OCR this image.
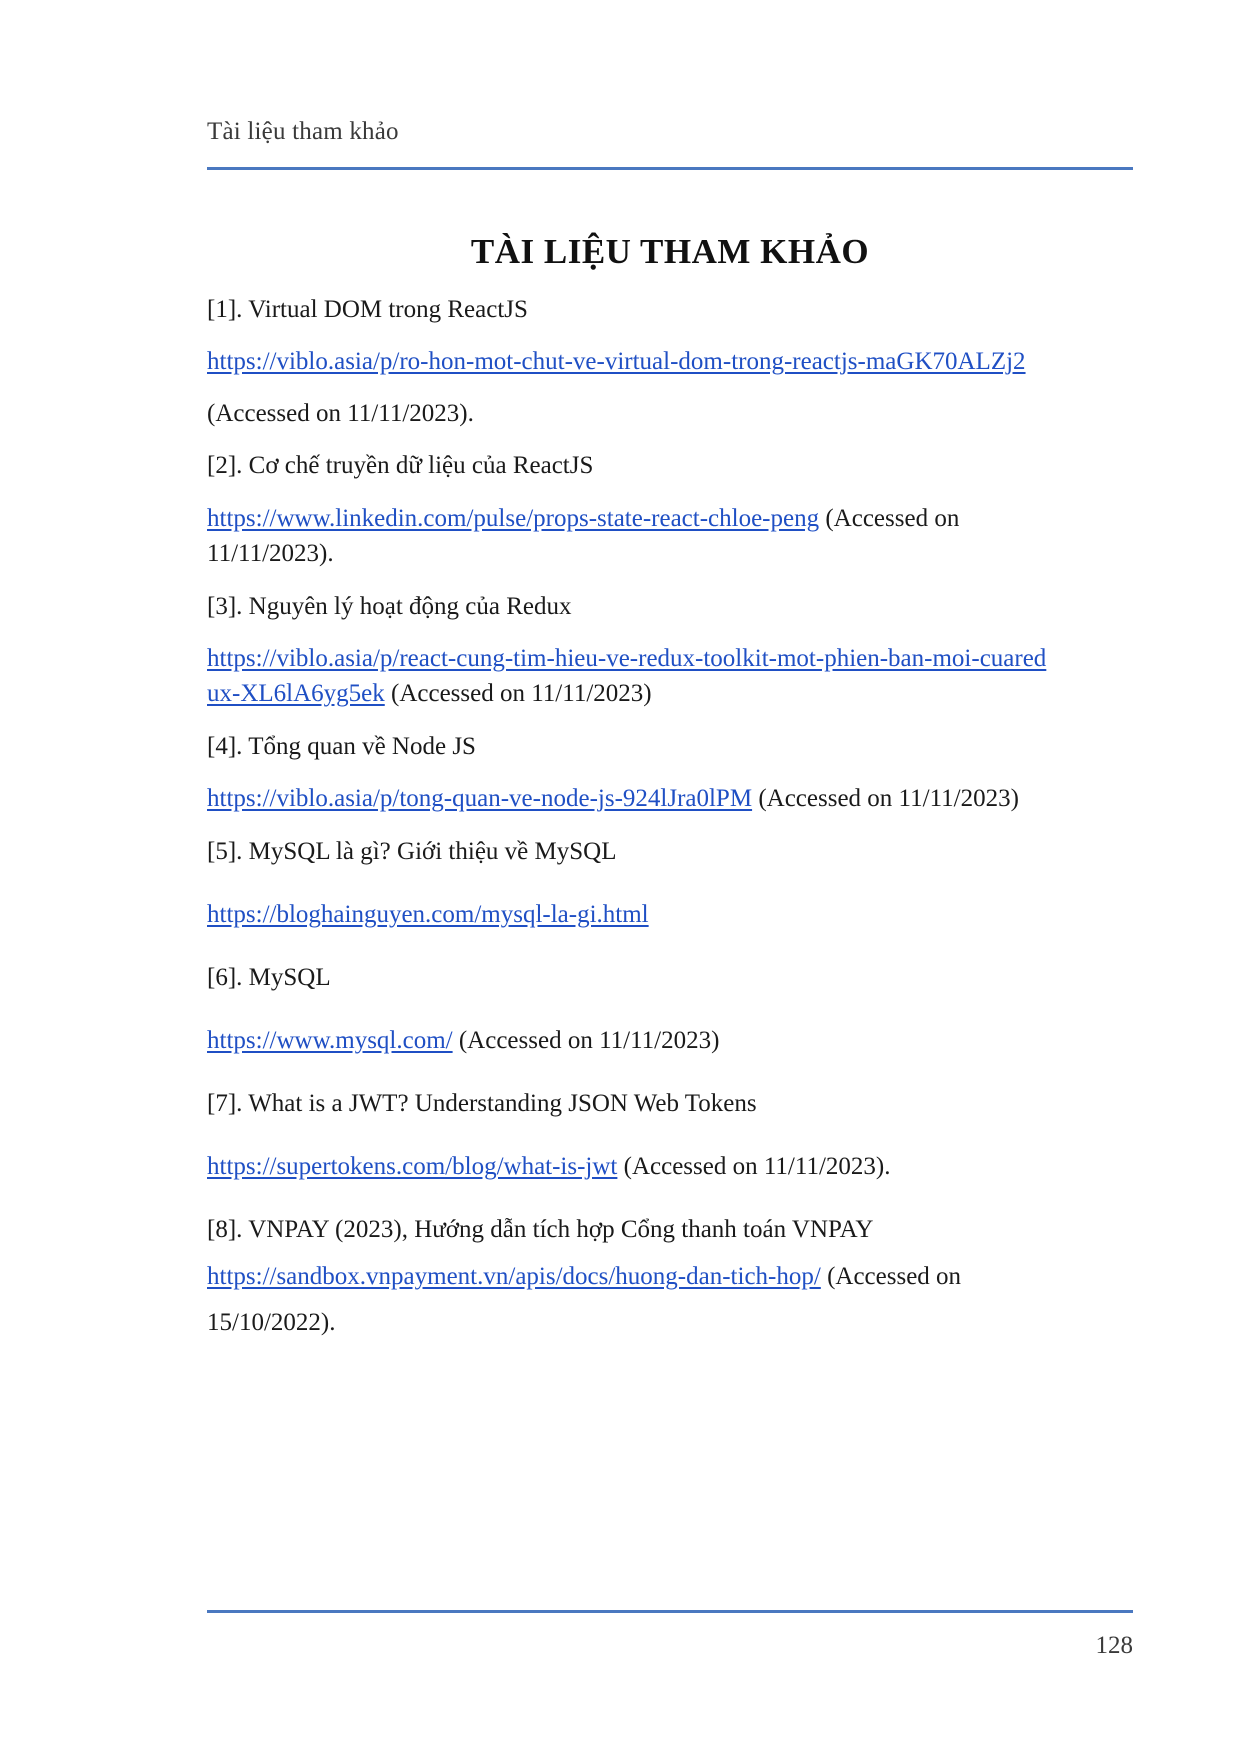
Tài liệu tham khảo
TÀI LIỆU THAM KHẢO
[1]. Virtual DOM trong ReactJS
https://viblo.asia/p/ro-hon-mot-chut-ve-virtual-dom-trong-reactjs-maGK70ALZj2
(Accessed on 11/11/2023).
[2]. Cơ chế truyền dữ liệu của ReactJS
https://www.linkedin.com/pulse/props-state-react-chloe-peng (Accessed on
11/11/2023).
[3]. Nguyên lý hoạt động của Redux
https://viblo.asia/p/react-cung-tim-hieu-ve-redux-toolkit-mot-phien-ban-moi-cuared
ux-XL6lA6yg5ek (Accessed on 11/11/2023)
[4]. Tổng quan về Node JS
https://viblo.asia/p/tong-quan-ve-node-js-924lJra0lPM (Accessed on 11/11/2023)
[5]. MySQL là gì? Giới thiệu về MySQL
https://bloghainguyen.com/mysql-la-gi.html
[6]. MySQL
https://www.mysql.com/ (Accessed on 11/11/2023)
[7]. What is a JWT? Understanding JSON Web Tokens
https://supertokens.com/blog/what-is-jwt (Accessed on 11/11/2023).
[8]. VNPAY (2023), Hướng dẫn tích hợp Cổng thanh toán VNPAY
https://sandbox.vnpayment.vn/apis/docs/huong-dan-tich-hop/ (Accessed on
15/10/2022).
128
